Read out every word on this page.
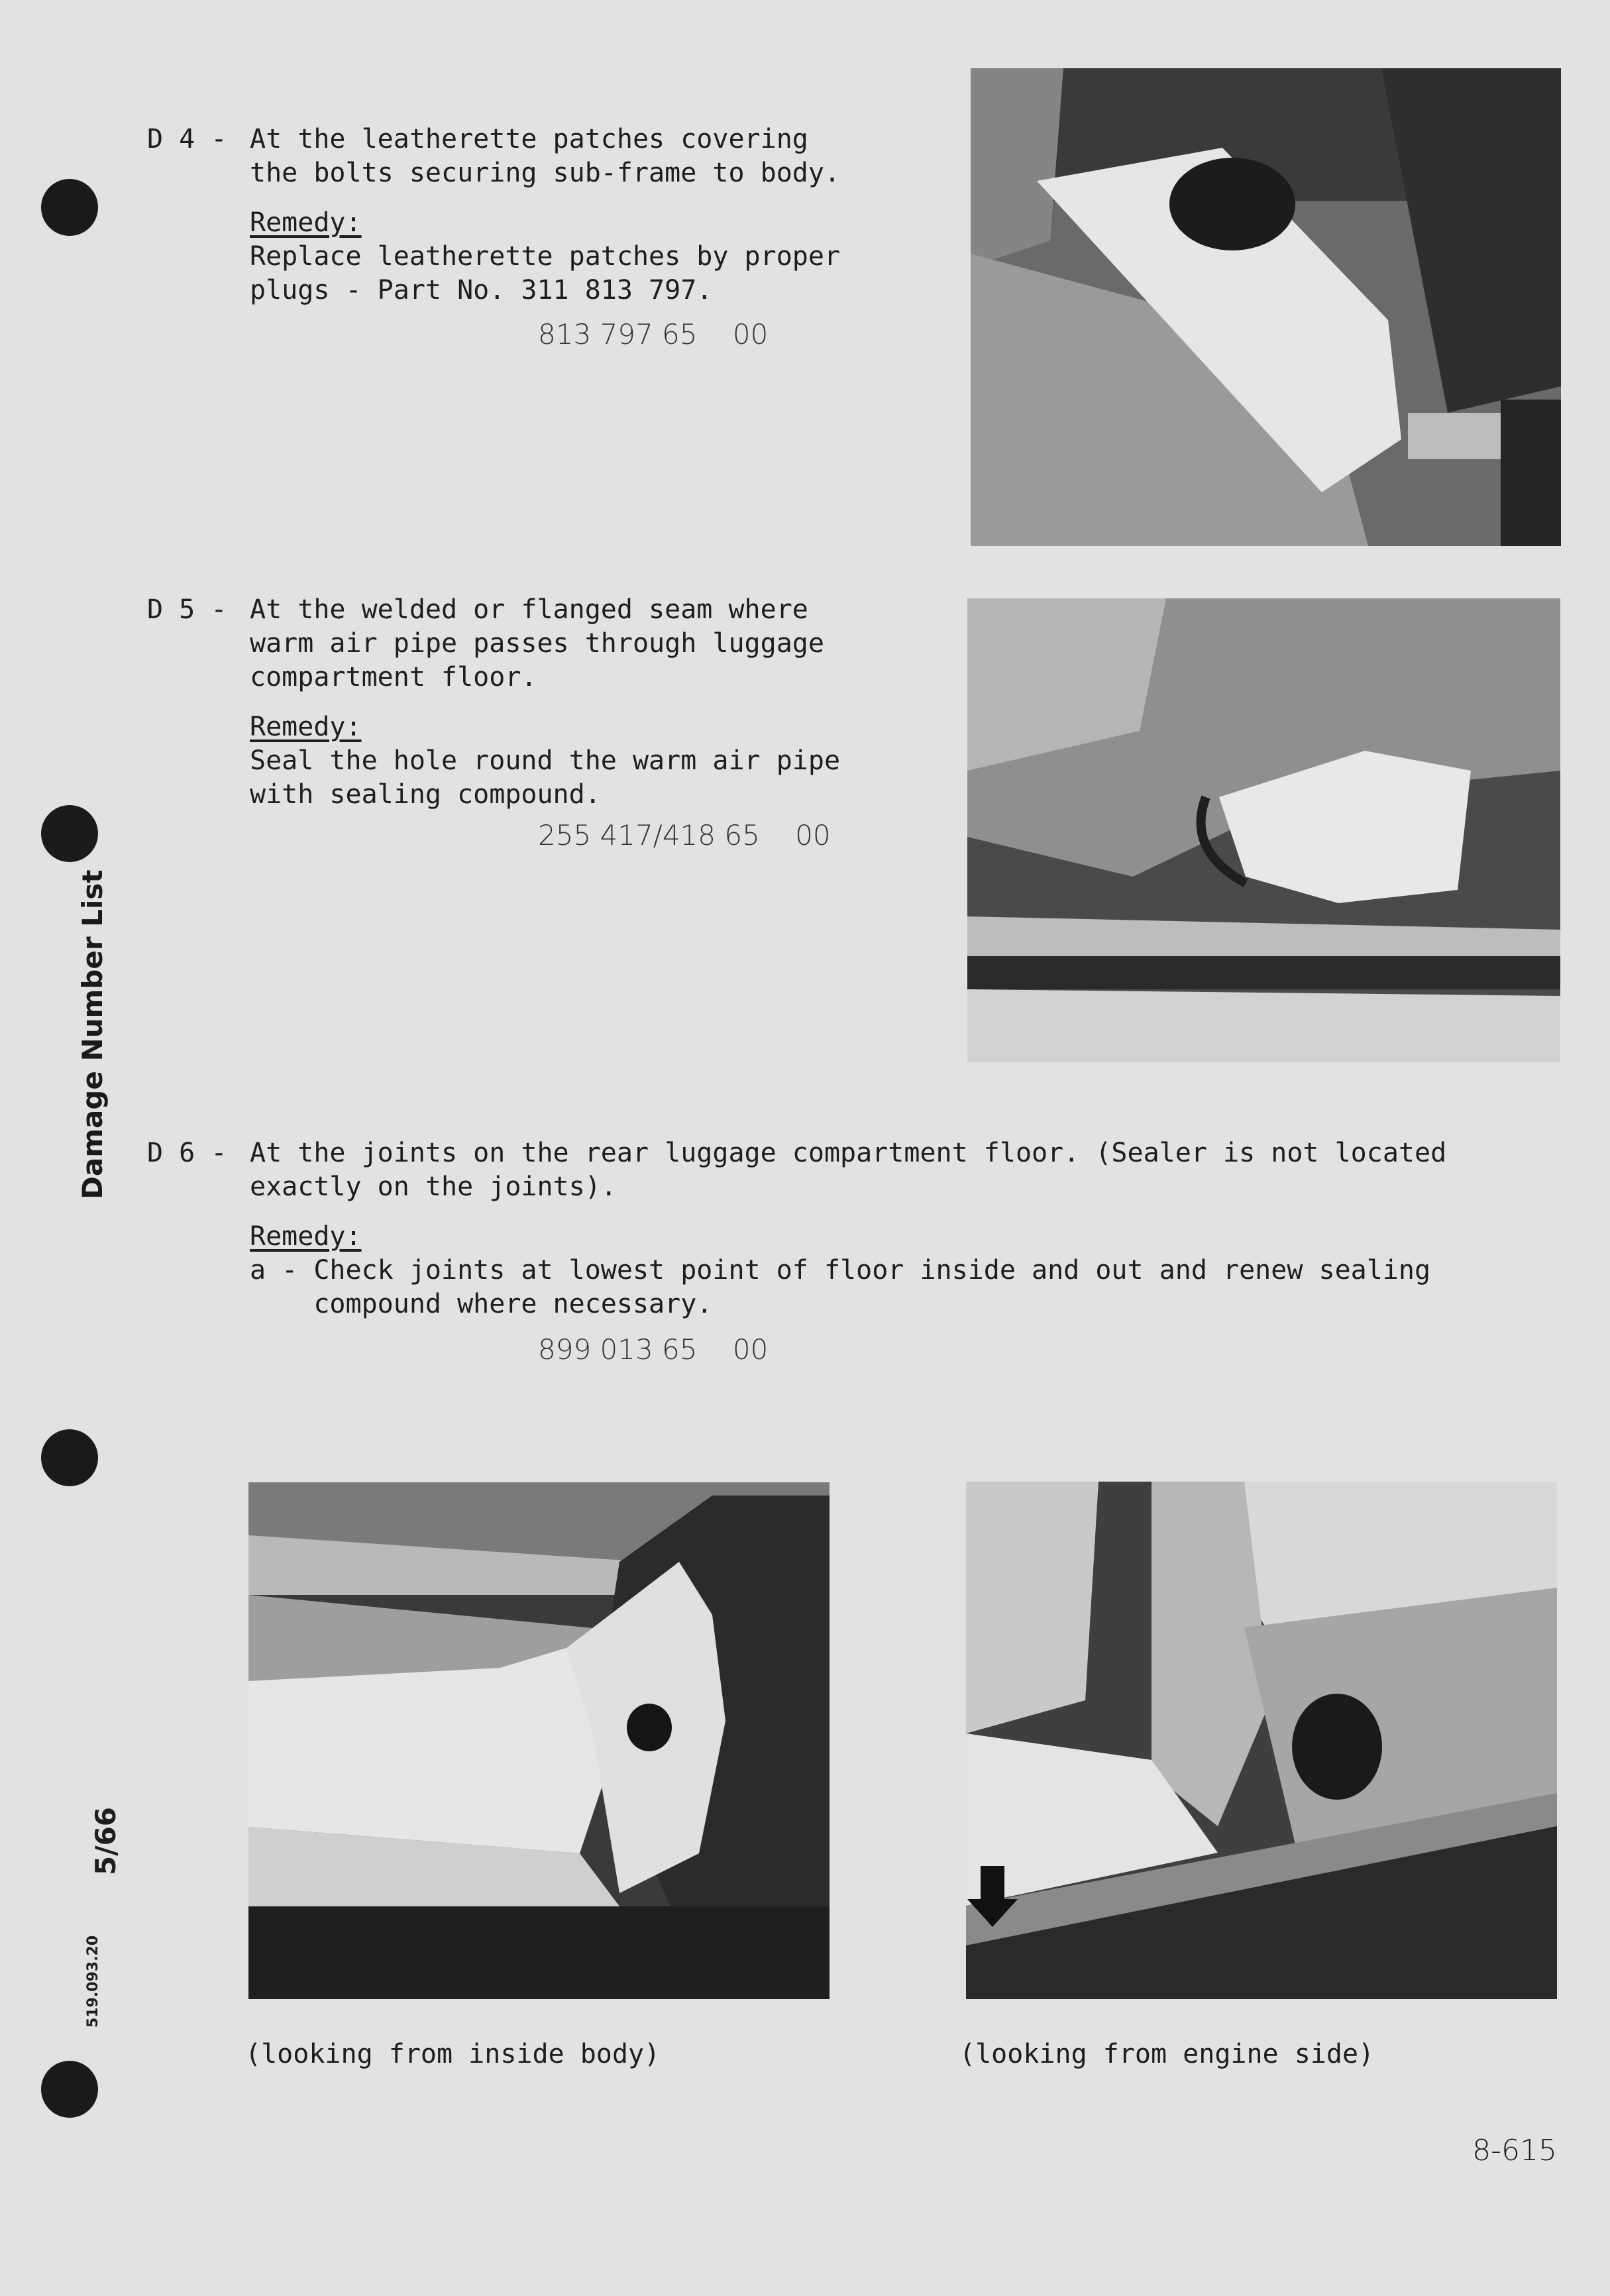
Damage Number List
5/66
519.093.20
D 4 - At the leatherette patches covering
the bolts securing sub-frame to body.
Remedy:
Replace leatherette patches by proper
plugs - Part No. 311 813 797.
813 797 65    00
D 5 - At the welded or flanged seam where
warm air pipe passes through luggage
compartment floor.
Remedy:
Seal the hole round the warm air pipe
with sealing compound.
255 417/418 65    00
D 6 - At the joints on the rear luggage compartment floor. (Sealer is not located
exactly on the joints).
Remedy:
a - Check joints at lowest point of floor inside and out and renew sealing
compound where necessary.
899 013 65    00
(looking from inside body)	(looking from engine side)
8-615
